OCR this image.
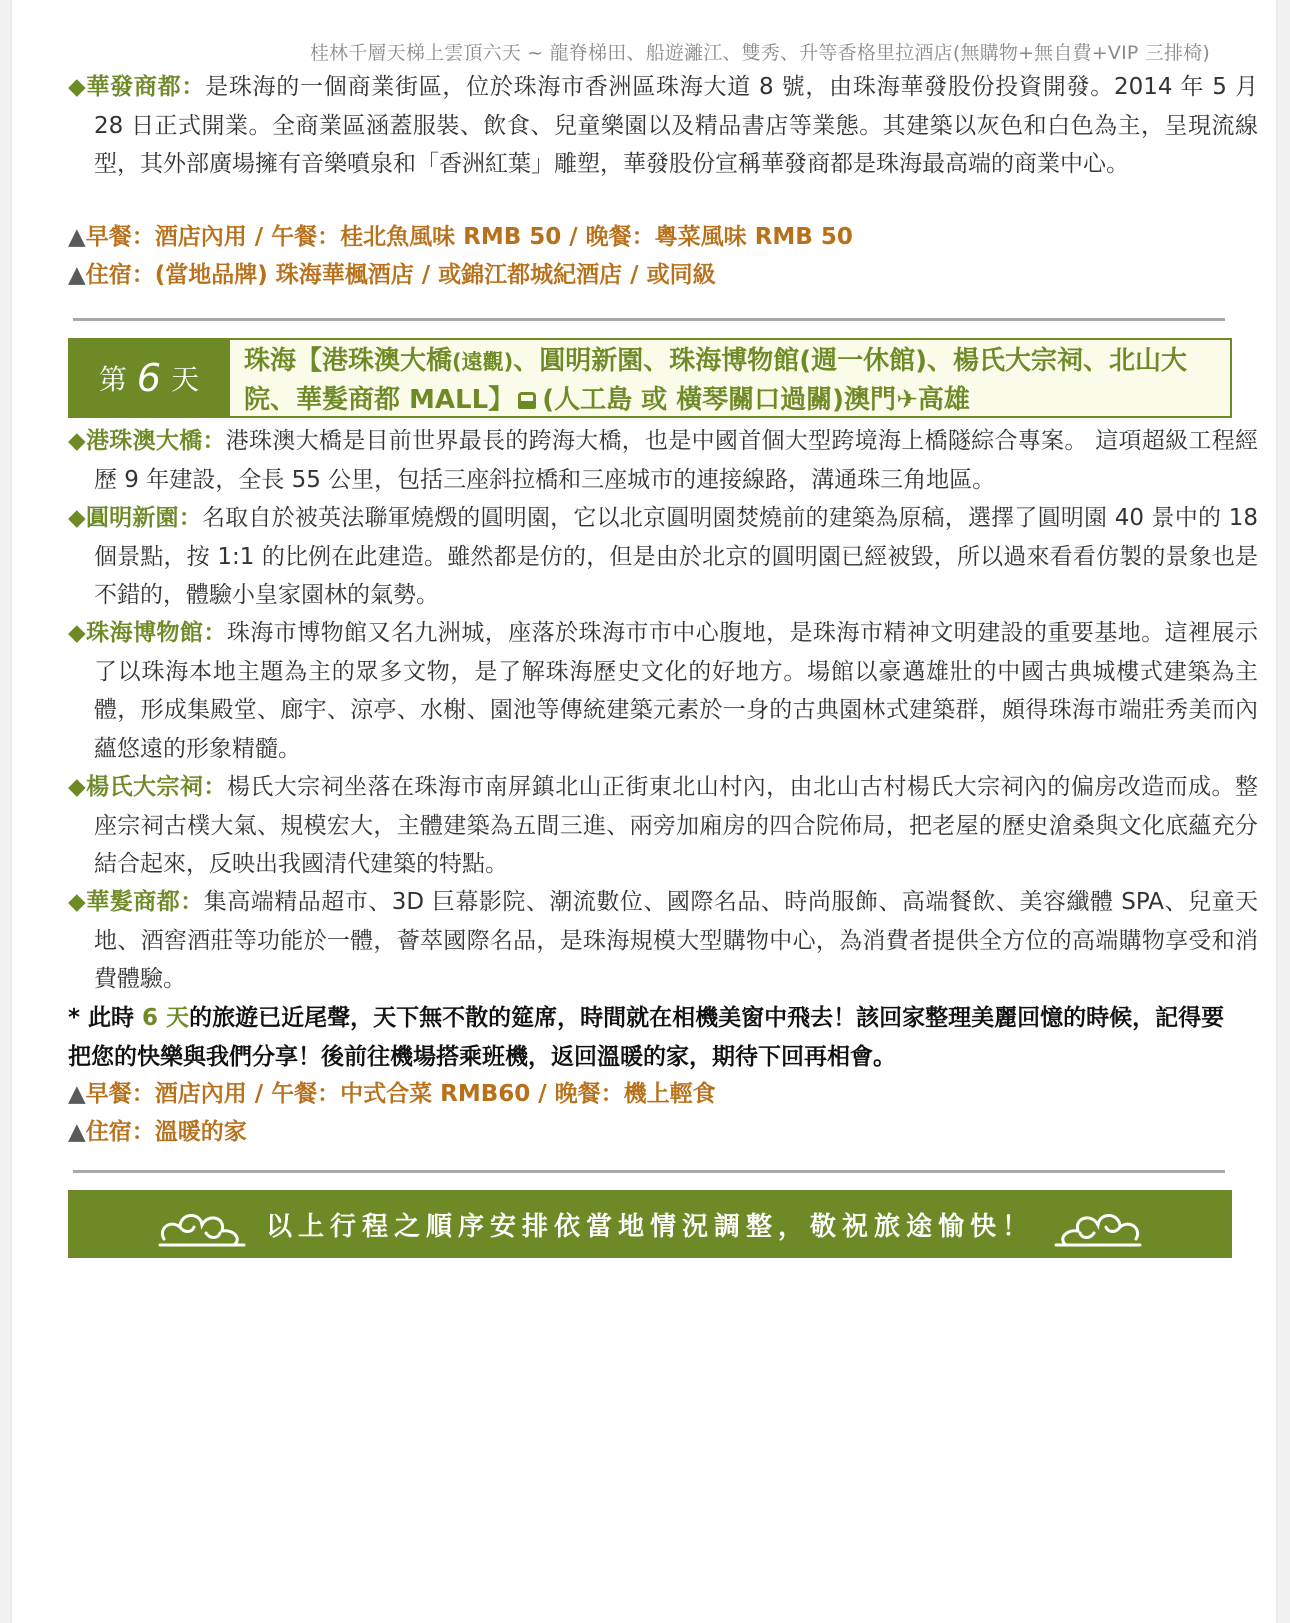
桂林千層天梯上雲頂六天 ~ 龍脊梯田、船遊灕江、雙秀、升等香格里拉酒店(無購物+無自費+VIP 三排椅)
◆華發商都：是珠海的一個商業街區，位於珠海市香洲區珠海大道 8 號，由珠海華發股份投資開發。2014 年 5 月 28 日正式開業。全商業區涵蓋服裝、飲食、兒童樂園以及精品書店等業態。其建築以灰色和白色為主，呈現流線型，其外部廣場擁有音樂噴泉和「香洲紅葉」雕塑，華發股份宣稱華發商都是珠海最高端的商業中心。
▲早餐：酒店內用 / 午餐：桂北魚風味 RMB 50 / 晚餐：粵菜風味 RMB 50
▲住宿：(當地品牌) 珠海華楓酒店 / 或錦江都城紀酒店 / 或同級
第 6 天
珠海【港珠澳大橋(遠觀)、圓明新園、珠海博物館(週一休館)、楊氏大宗祠、北山大院、華髮商都 MALL】 (人工島 或 橫琴關口過關)澳門✈高雄
◆港珠澳大橋：港珠澳大橋是目前世界最長的跨海大橋，也是中國首個大型跨境海上橋隧綜合專案。 這項超級工程經歷 9 年建設，全長 55 公里，包括三座斜拉橋和三座城市的連接線路，溝通珠三角地區。
◆圓明新園：名取自於被英法聯軍燒燬的圓明園，它以北京圓明園焚燒前的建築為原稿，選擇了圓明園 40 景中的 18 個景點，按 1:1 的比例在此建造。雖然都是仿的，但是由於北京的圓明園已經被毀，所以過來看看仿製的景象也是不錯的，體驗小皇家園林的氣勢。
◆珠海博物館：珠海市博物館又名九洲城，座落於珠海市市中心腹地，是珠海市精神文明建設的重要基地。這裡展示了以珠海本地主題為主的眾多文物，是了解珠海歷史文化的好地方。場館以豪邁雄壯的中國古典城樓式建築為主體，形成集殿堂、廊宇、涼亭、水榭、園池等傳統建築元素於一身的古典園林式建築群，頗得珠海市端莊秀美而內蘊悠遠的形象精髓。
◆楊氏大宗祠：楊氏大宗祠坐落在珠海市南屏鎮北山正街東北山村內，由北山古村楊氏大宗祠內的偏房改造而成。整座宗祠古樸大氣、規模宏大，主體建築為五間三進、兩旁加廂房的四合院佈局，把老屋的歷史滄桑與文化底蘊充分結合起來，反映出我國清代建築的特點。
◆華髮商都：集高端精品超市、3D 巨幕影院、潮流數位、國際名品、時尚服飾、高端餐飲、美容纖體 SPA、兒童天地、酒窖酒莊等功能於一體，薈萃國際名品，是珠海規模大型購物中心，為消費者提供全方位的高端購物享受和消費體驗。
* 此時 6 天的旅遊已近尾聲，天下無不散的筵席，時間就在相機美窗中飛去！該回家整理美麗回憶的時候，記得要把您的快樂與我們分享！後前往機場搭乘班機，返回溫暖的家，期待下回再相會。
▲早餐：酒店內用 / 午餐：中式合菜 RMB60 / 晚餐：機上輕食
▲住宿：溫暖的家
以上行程之順序安排依當地情況調整，敬祝旅途愉快！
